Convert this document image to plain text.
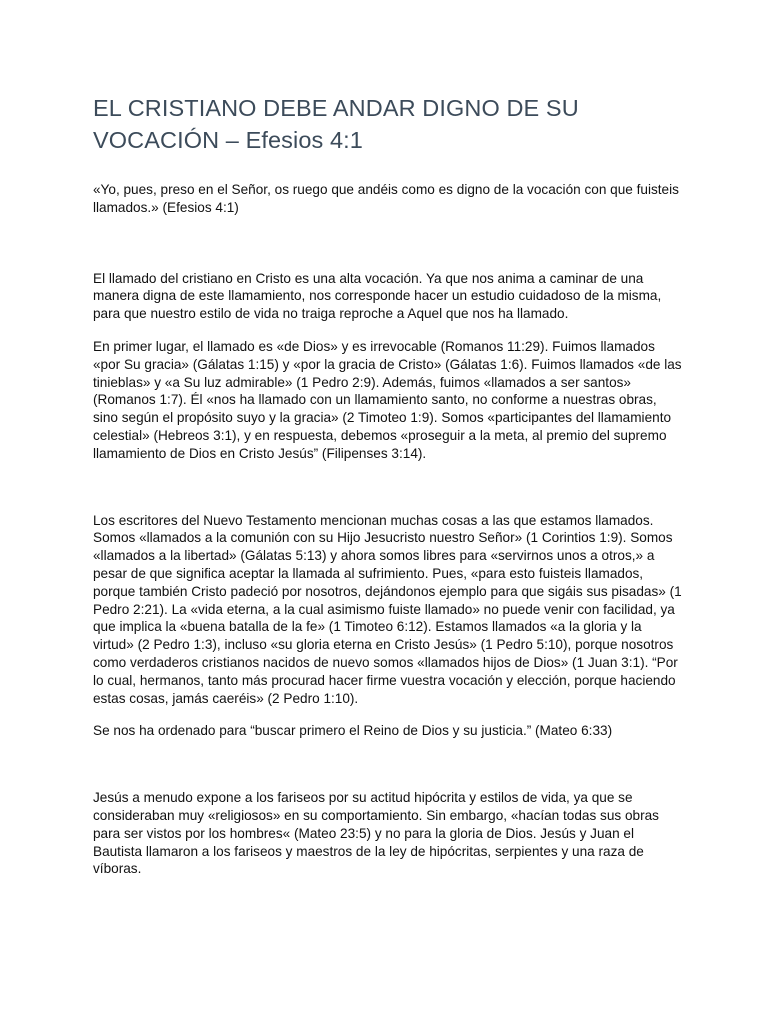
EL CRISTIANO DEBE ANDAR DIGNO DE SU VOCACIÓN – Efesios 4:1

«Yo, pues, preso en el Señor, os ruego que andéis como es digno de la vocación con que fuisteis llamados.» (Efesios 4:1)

El llamado del cristiano en Cristo es una alta vocación. Ya que nos anima a caminar de una manera digna de este llamamiento, nos corresponde hacer un estudio cuidadoso de la misma, para que nuestro estilo de vida no traiga reproche a Aquel que nos ha llamado.

En primer lugar, el llamado es «de Dios» y es irrevocable (Romanos 11:29). Fuimos llamados «por Su gracia» (Gálatas 1:15) y «por la gracia de Cristo» (Gálatas 1:6). Fuimos llamados «de las tinieblas» y «a Su luz admirable» (1 Pedro 2:9). Además, fuimos «llamados a ser santos» (Romanos 1:7). Él «nos ha llamado con un llamamiento santo, no conforme a nuestras obras, sino según el propósito suyo y la gracia» (2 Timoteo 1:9). Somos «participantes del llamamiento celestial» (Hebreos 3:1), y en respuesta, debemos «proseguir a la meta, al premio del supremo llamamiento de Dios en Cristo Jesús” (Filipenses 3:14).

Los escritores del Nuevo Testamento mencionan muchas cosas a las que estamos llamados. Somos «llamados a la comunión con su Hijo Jesucristo nuestro Señor» (1 Corintios 1:9). Somos «llamados a la libertad» (Gálatas 5:13) y ahora somos libres para «servirnos unos a otros,» a pesar de que significa aceptar la llamada al sufrimiento. Pues, «para esto fuisteis llamados, porque también Cristo padeció por nosotros, dejándonos ejemplo para que sigáis sus pisadas» (1 Pedro 2:21). La «vida eterna, a la cual asimismo fuiste llamado» no puede venir con facilidad, ya que implica la «buena batalla de la fe» (1 Timoteo 6:12). Estamos llamados «a la gloria y la virtud» (2 Pedro 1:3), incluso «su gloria eterna en Cristo Jesús» (1 Pedro 5:10), porque nosotros como verdaderos cristianos nacidos de nuevo somos «llamados hijos de Dios» (1 Juan 3:1). “Por lo cual, hermanos, tanto más procurad hacer firme vuestra vocación y elección, porque haciendo estas cosas, jamás caeréis» (2 Pedro 1:10).

Se nos ha ordenado para “buscar primero el Reino de Dios y su justicia.” (Mateo 6:33)

Jesús a menudo expone a los fariseos por su actitud hipócrita y estilos de vida, ya que se consideraban muy «religiosos» en su comportamiento. Sin embargo, «hacían todas sus obras para ser vistos por los hombres« (Mateo 23:5) y no para la gloria de Dios. Jesús y Juan el Bautista llamaron a los fariseos y maestros de la ley de hipócritas, serpientes y una raza de víboras.
